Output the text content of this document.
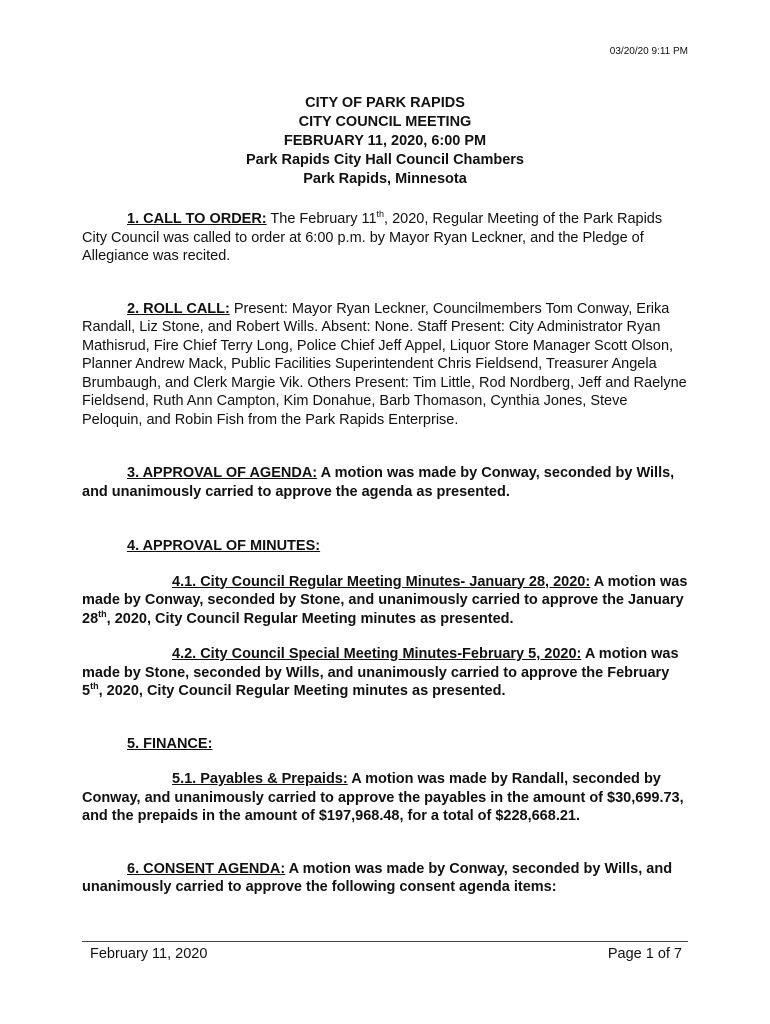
03/20/20 9:11 PM
CITY OF PARK RAPIDS
CITY COUNCIL MEETING
FEBRUARY 11, 2020, 6:00 PM
Park Rapids City Hall Council Chambers
Park Rapids, Minnesota

1. CALL TO ORDER: The February 11th, 2020, Regular Meeting of the Park Rapids City Council was called to order at 6:00 p.m. by Mayor Ryan Leckner, and the Pledge of Allegiance was recited.

2. ROLL CALL: Present: Mayor Ryan Leckner, Councilmembers Tom Conway, Erika Randall, Liz Stone, and Robert Wills. Absent: None. Staff Present: City Administrator Ryan Mathisrud, Fire Chief Terry Long, Police Chief Jeff Appel, Liquor Store Manager Scott Olson, Planner Andrew Mack, Public Facilities Superintendent Chris Fieldsend, Treasurer Angela Brumbaugh, and Clerk Margie Vik. Others Present: Tim Little, Rod Nordberg, Jeff and Raelyne Fieldsend, Ruth Ann Campton, Kim Donahue, Barb Thomason, Cynthia Jones, Steve Peloquin, and Robin Fish from the Park Rapids Enterprise.

3. APPROVAL OF AGENDA: A motion was made by Conway, seconded by Wills, and unanimously carried to approve the agenda as presented.

4. APPROVAL OF MINUTES:

4.1. City Council Regular Meeting Minutes- January 28, 2020: A motion was made by Conway, seconded by Stone, and unanimously carried to approve the January 28th, 2020, City Council Regular Meeting minutes as presented.

4.2. City Council Special Meeting Minutes-February 5, 2020: A motion was made by Stone, seconded by Wills, and unanimously carried to approve the February 5th, 2020, City Council Regular Meeting minutes as presented.

5. FINANCE:

5.1. Payables & Prepaids: A motion was made by Randall, seconded by Conway, and unanimously carried to approve the payables in the amount of $30,699.73, and the prepaids in the amount of $197,968.48, for a total of $228,668.21.

6. CONSENT AGENDA: A motion was made by Conway, seconded by Wills, and unanimously carried to approve the following consent agenda items:

February 11, 2020	Page 1 of 7
